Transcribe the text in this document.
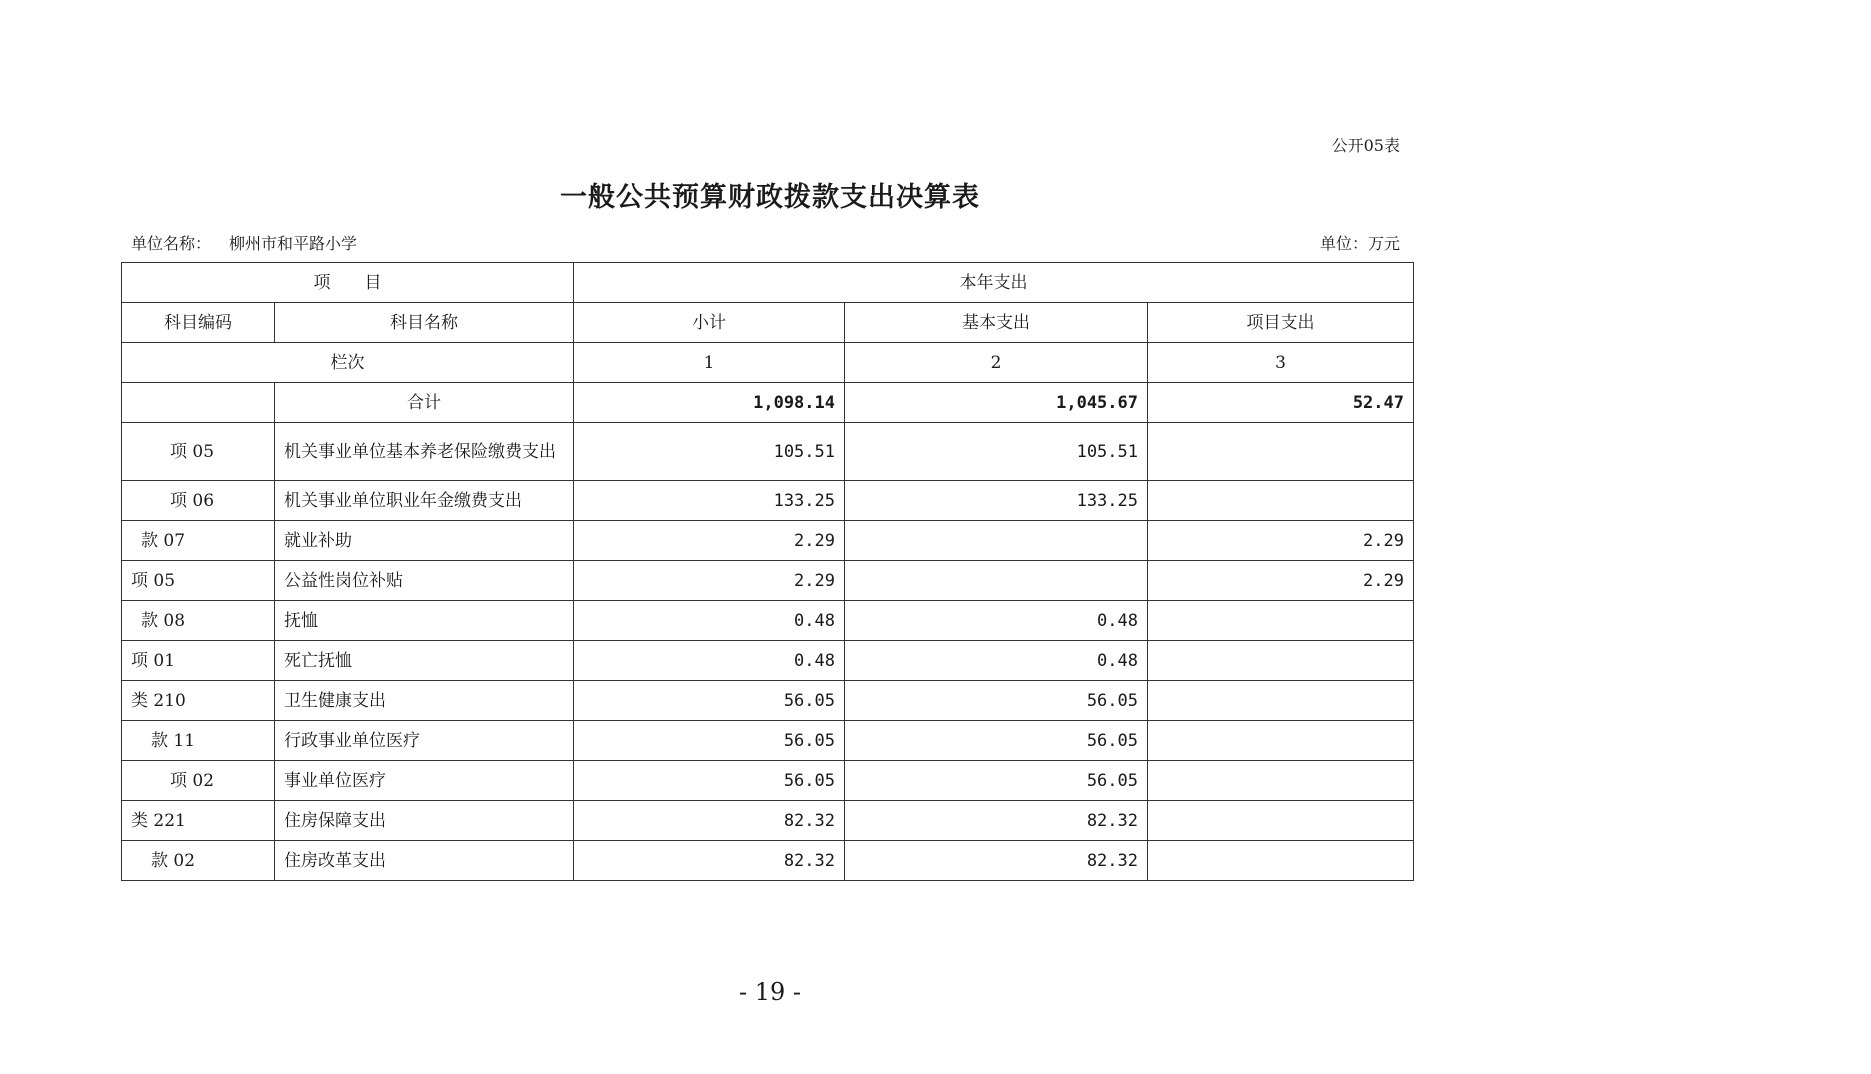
公开05表
一般公共预算财政拨款支出决算表
单位名称： 柳州市和平路小学	单位：万元
项　　目		本年支出		
科目编码	科目名称	小计	基本支出	项目支出
栏次		1	2	3
	合计	1,098.14	1,045.67	52.47
项 05	机关事业单位基本养老保险缴费支出	105.51	105.51	
项 06	机关事业单位职业年金缴费支出	133.25	133.25	
款 07	就业补助	2.29		2.29
项 05	公益性岗位补贴	2.29		2.29
款 08	抚恤	0.48	0.48	
项 01	死亡抚恤	0.48	0.48	
类 210	卫生健康支出	56.05	56.05	
款 11	行政事业单位医疗	56.05	56.05	
项 02	事业单位医疗	56.05	56.05	
类 221	住房保障支出	82.32	82.32	
款 02	住房改革支出	82.32	82.32	
- 19 -
